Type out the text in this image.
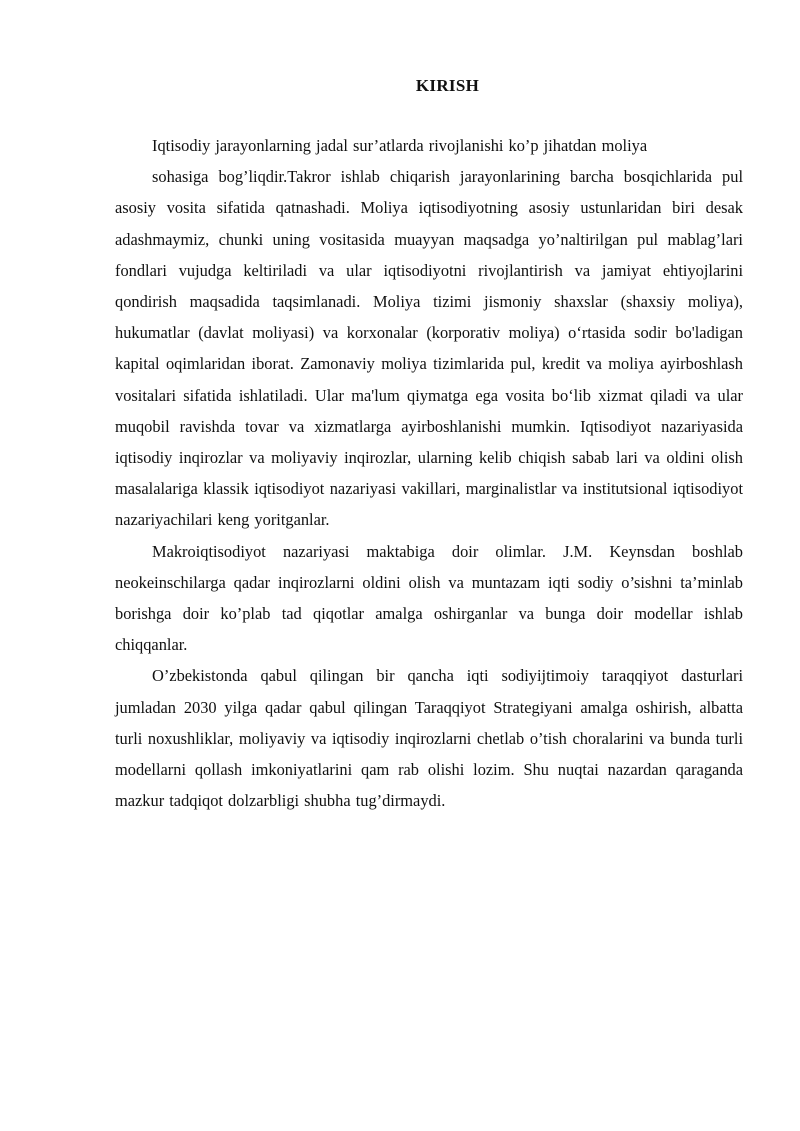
KIRISH

Iqtisodiy jarayonlarning jadal sur’atlarda rivojlanishi ko’p jihatdan moliya

sohasiga bog’liqdir.Takror ishlab chiqarish jarayonlarining barcha bosqichlarida pul asosiy vosita sifatida qatnashadi. Moliya iqtisodiyotning asosiy ustunlaridan biri desak adashmaymiz, chunki uning vositasida muayyan maqsadga yo’naltirilgan pul mablag’lari fondlari vujudga keltiriladi va ular iqtisodiyotni rivojlantirish va jamiyat ehtiyojlarini qondirish maqsadida taqsimlanadi. Moliya tizimi jismoniy shaxslar (shaxsiy moliya), hukumatlar (davlat moliyasi) va korxonalar (korporativ moliya) o‘rtasida sodir bo'ladigan kapital oqimlaridan iborat. Zamonaviy moliya tizimlarida pul, kredit va moliya ayirboshlash vositalari sifatida ishlatiladi. Ular ma'lum qiymatga ega vosita bo‘lib xizmat qiladi va ular muqobil ravishda tovar va xizmatlarga ayirboshlanishi mumkin. Iqtisodiyot nazariyasida iqtisodiy inqirozlar va moliyaviy inqirozlar, ularning kelib chiqish sabab lari va oldini olish masalalariga klassik iqtisodiyot nazariyasi vakillari, marginalistlar va institutsional iqtisodiyot nazariyachilari keng yoritganlar.

Makroiqtisodiyot nazariyasi maktabiga doir olimlar. J.M. Keynsdan boshlab neokeinschilarga qadar inqirozlarni oldini olish va muntazam iqti sodiy o’sishni ta’minlab borishga doir ko’plab tad qiqotlar amalga oshirganlar va bunga doir modellar ishlab chiqqanlar.

O’zbekistonda qabul qilingan bir qancha iqti sodiyijtimoiy taraqqiyot dasturlari jumladan 2030 yilga qadar qabul qilingan Taraqqiyot Strategiyani amalga oshirish, albatta turli noxushliklar, moliyaviy va iqtisodiy inqirozlarni chetlab o’tish choralarini va bunda turli modellarni qollash imkoniyatlarini qam rab olishi lozim. Shu nuqtai nazardan qaraganda mazkur tadqiqot dolzarbligi shubha tug’dirmaydi.
